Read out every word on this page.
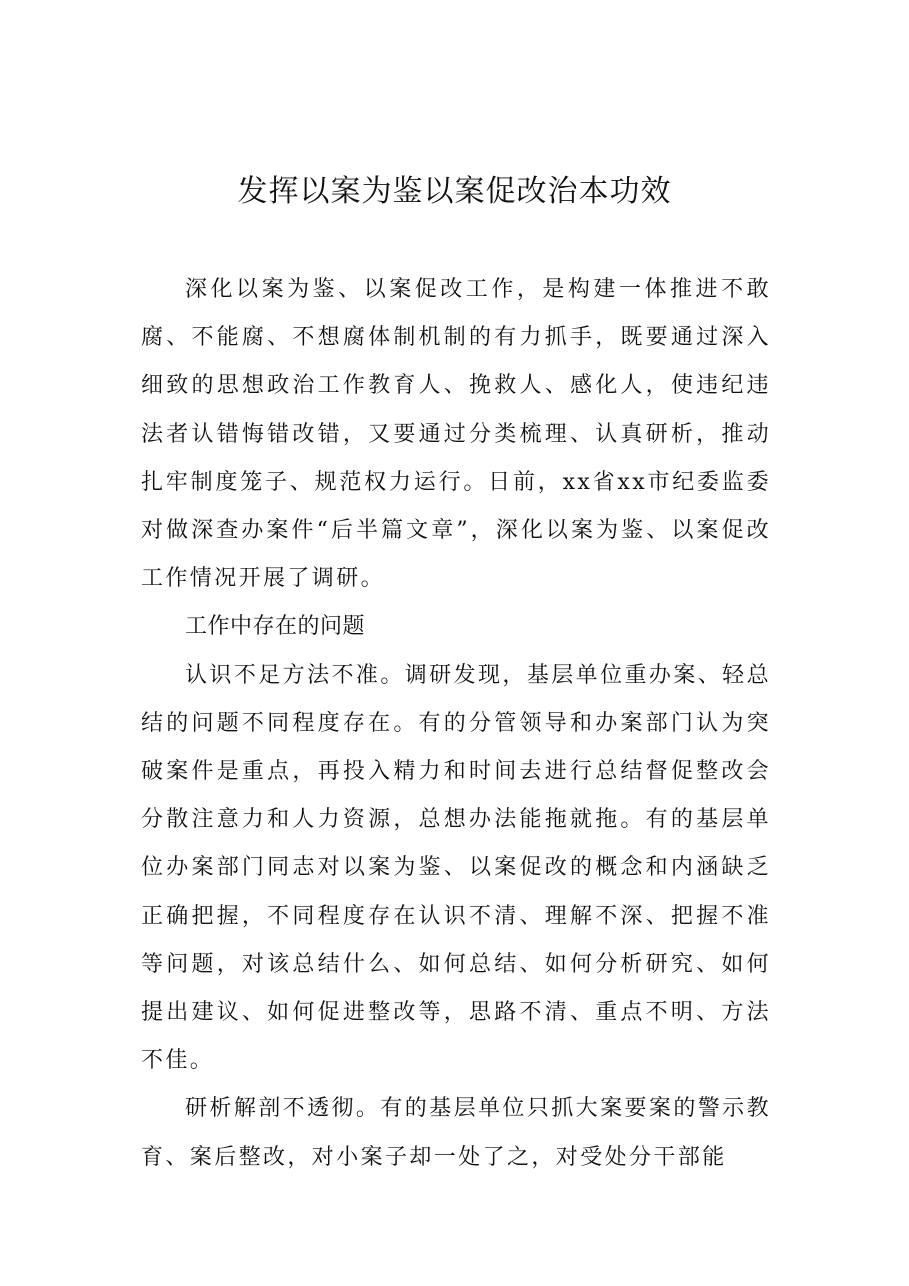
发挥以案为鉴以案促改治本功效

深化以案为鉴、以案促改工作，是构建一体推进不敢腐、不能腐、不想腐体制机制的有力抓手，既要通过深入细致的思想政治工作教育人、挽救人、感化人，使违纪违法者认错悔错改错，又要通过分类梳理、认真研析，推动扎牢制度笼子、规范权力运行。日前，xx省xx市纪委监委对做深查办案件“后半篇文章”，深化以案为鉴、以案促改工作情况开展了调研。

工作中存在的问题

认识不足方法不准。调研发现，基层单位重办案、轻总结的问题不同程度存在。有的分管领导和办案部门认为突破案件是重点，再投入精力和时间去进行总结督促整改会分散注意力和人力资源，总想办法能拖就拖。有的基层单位办案部门同志对以案为鉴、以案促改的概念和内涵缺乏正确把握，不同程度存在认识不清、理解不深、把握不准等问题，对该总结什么、如何总结、如何分析研究、如何提出建议、如何促进整改等，思路不清、重点不明、方法不佳。

研析解剖不透彻。有的基层单位只抓大案要案的警示教育、案后整改，对小案子却一处了之，对受处分干部能
